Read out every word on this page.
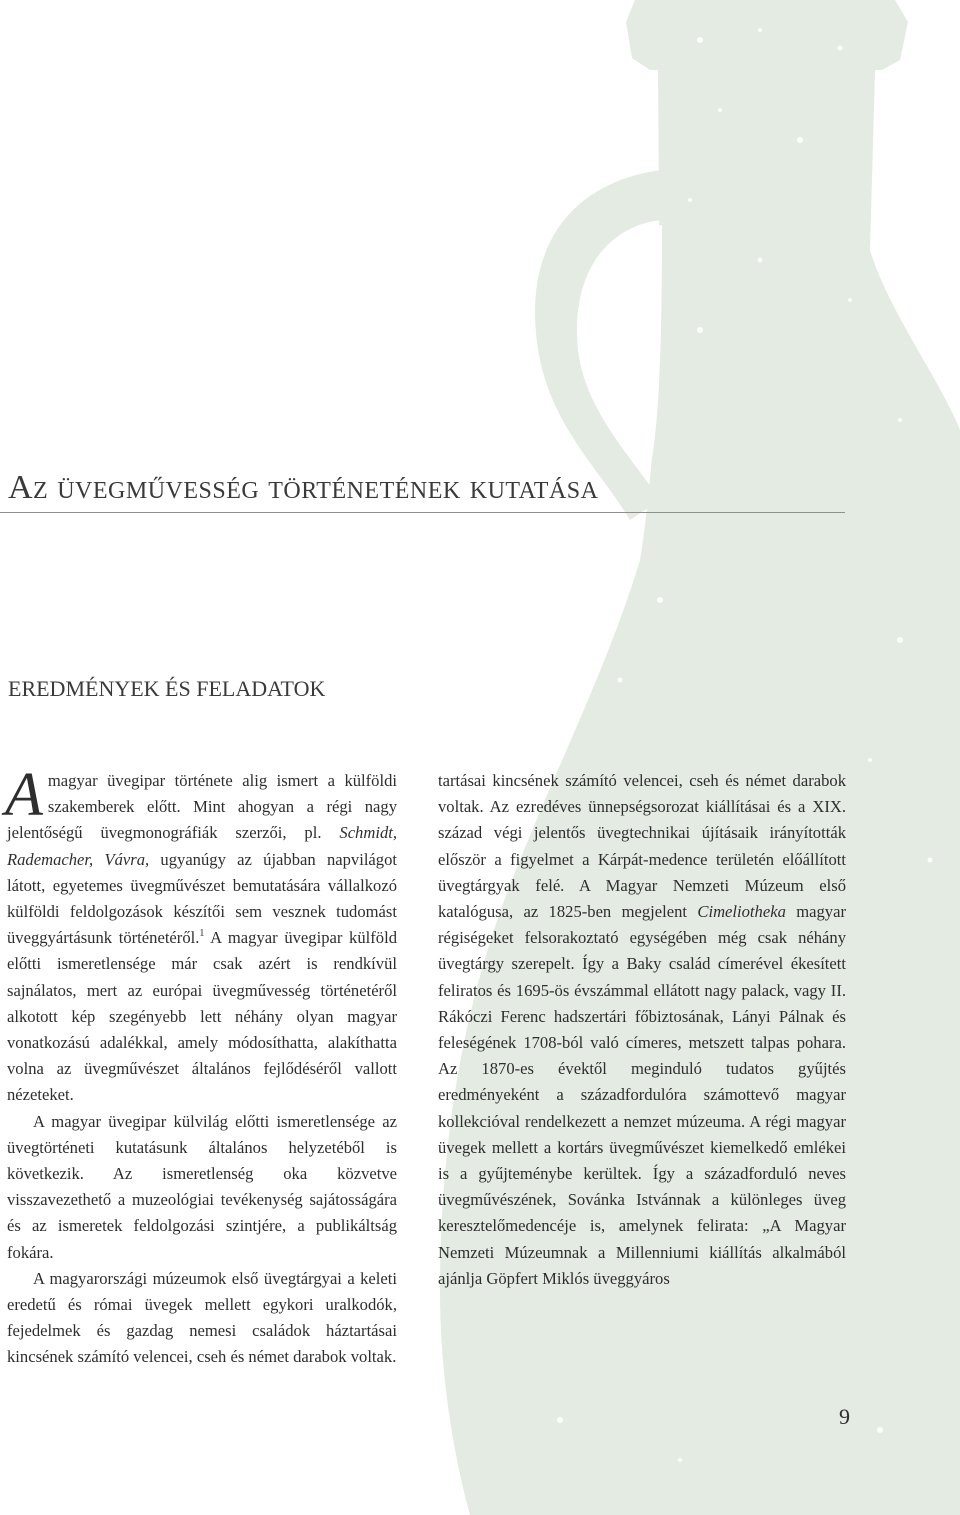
Az üvegművesség történetének kutatása
EREDMÉNYEK ÉS FELADATOK

Amagyar üvegipar története alig ismert a külföldi szakemberek előtt. Mint ahogyan a régi nagy jelentőségű üvegmonográfiák szerzői, pl. Schmidt, Rademacher, Vávra, ugyanúgy az újabban napvilágot látott, egyetemes üvegművészet bemutatására vállalkozó külföldi feldolgozások készítői sem vesznek tudomást üveggyártásunk történetéről.$^1$ A magyar üvegipar külföld előtti ismeretlensége már csak azért is rendkívül sajnálatos, mert az európai üvegművesség történetéről alkotott kép szegényebb lett néhány olyan magyar vonatkozású adalékkal, amely módosíthatta, alakíthatta volna az üvegművészet általános fejlődéséről vallott nézeteket.

A magyar üvegipar külvilág előtti ismeretlensége az üvegtörténeti kutatásunk általános helyzetéből is következik. Az ismeretlenség oka közvetve visszavezethető a muzeológiai tevékenység sajátosságára és az ismeretek feldolgozási szintjére, a publikáltság fokára.

A magyarországi múzeumok első üvegtárgyai a keleti eredetű és római üvegek mellett egykori uralkodók, fejedelmek és gazdag nemesi családok háztartásai kincsének számító velencei, cseh és német darabok voltak.

tartásai kincsének számító velencei, cseh és német darabok voltak. Az ezredéves ünnepségsorozat kiállításai és a XIX. század végi jelentős üvegtechnikai újításaik irányították először a figyelmet a Kárpát-medence területén előállított üvegtárgyak felé. A Magyar Nemzeti Múzeum első katalógusa, az 1825-ben megjelent Cimeliotheka magyar régiségeket felsorakoztató egységében még csak néhány üvegtárgy szerepelt. Így a Baky család címerével ékesített feliratos és 1695-ös évszámmal ellátott nagy palack, vagy II. Rákóczi Ferenc hadszertári főbiztosának, Lányi Pálnak és feleségének 1708-ból való címeres, metszett talpas pohara. Az 1870-es évektől meginduló tudatos gyűjtés eredményeként a századfordulóra számottevő magyar kollekcióval rendelkezett a nemzet múzeuma. A régi magyar üvegek mellett a kortárs üvegművészet kiemelkedő emlékei is a gyűjteménybe kerültek. Így a századforduló neves üvegművészének, Sovánka Istvánnak a különleges üveg keresztelőmedencéje is, amelynek felirata: „A Magyar Nemzeti Múzeumnak a Millenniumi kiállítás alkalmából ajánlja Göpfert Miklós üveggyáros

9
